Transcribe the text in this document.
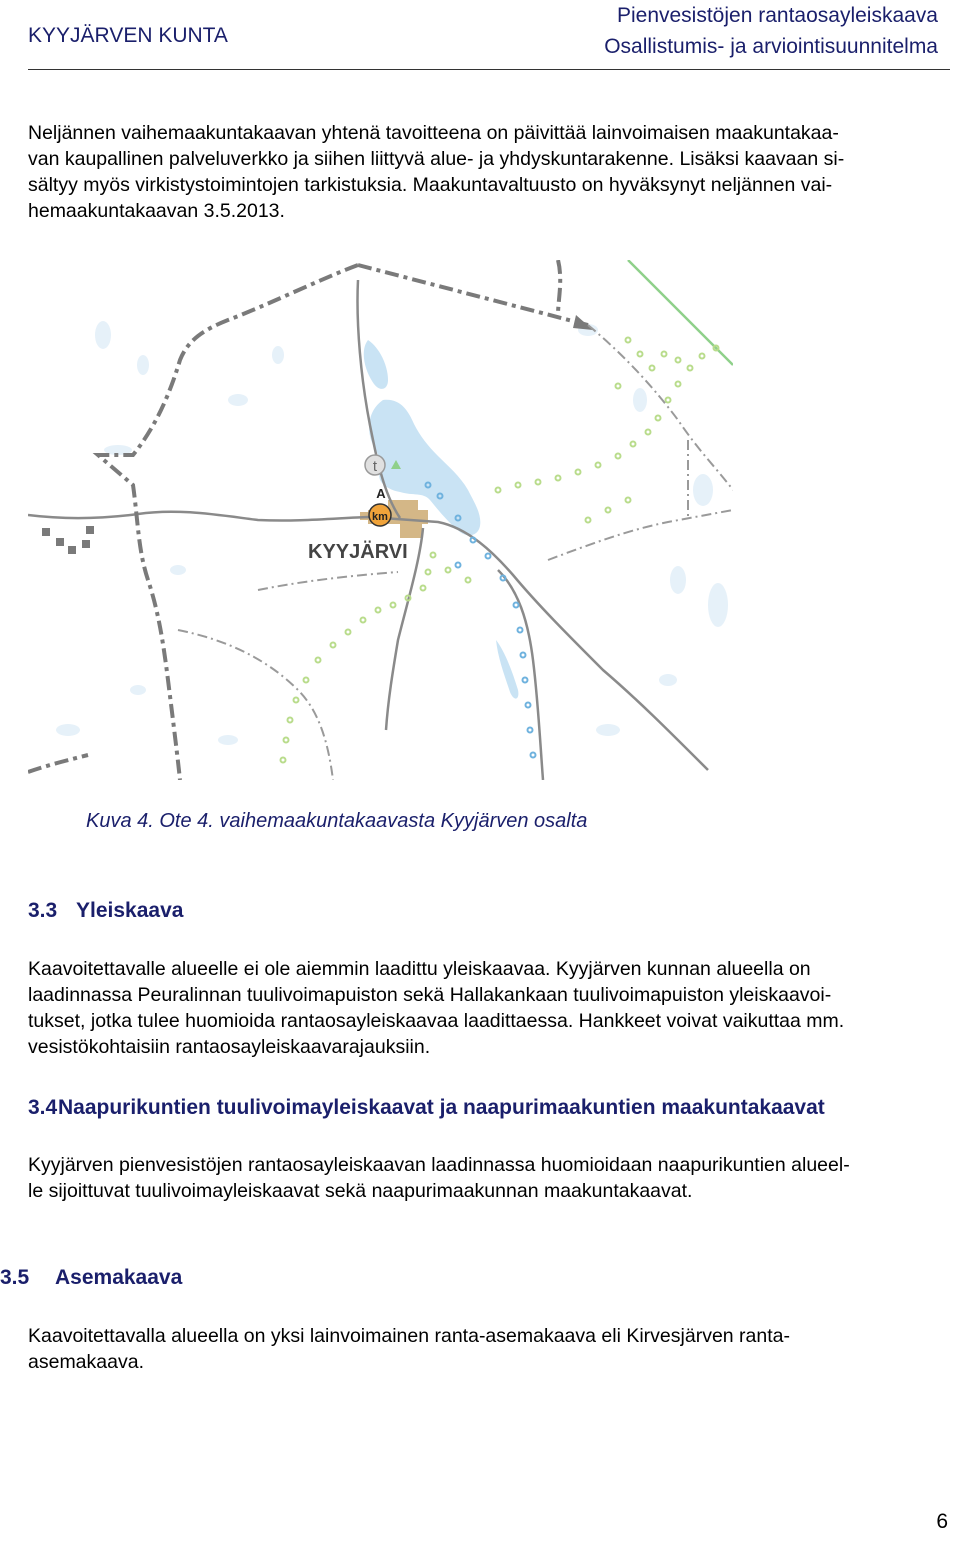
KYYJÄRVEN KUNTA
Pienvesistöjen rantaosayleiskaava
Osallistumis- ja arviointisuunnitelma

Neljännen vaihemaakuntakaavan yhtenä tavoitteena on päivittää lainvoimaisen maakuntakaa-
van kaupallinen palveluverkko ja siihen liittyvä alue- ja yhdyskuntarakenne. Lisäksi kaavaan si-
sältyy myös virkistystoimintojen tarkistuksia. Maakuntavaltuusto on hyväksynyt neljännen vai-
hemaakuntakaavan 3.5.2013.

t
A
km
KYYJÄRVI
Kuva 4. Ote 4. vaihemaakuntakaavasta Kyyjärven osalta
3.3 Yleiskaava

Kaavoitettavalle alueelle ei ole aiemmin laadittu yleiskaavaa. Kyyjärven kunnan alueella on
laadinnassa Peuralinnan tuulivoimapuiston sekä Hallakankaan tuulivoimapuiston yleiskaavoi-
tukset, jotka tulee huomioida rantaosayleiskaavaa laadittaessa. Hankkeet voivat vaikuttaa mm.
vesistökohtaisiin rantaosayleiskaavarajauksiin.

3.4Naapurikuntien tuulivoimayleiskaavat ja naapurimaakuntien maakuntakaavat

Kyyjärven pienvesistöjen rantaosayleiskaavan laadinnassa huomioidaan naapurikuntien alueel-
le sijoittuvat tuulivoimayleiskaavat sekä naapurimaakunnan maakuntakaavat.

3.5 Asemakaava

Kaavoitettavalla alueella on yksi lainvoimainen ranta-asemakaava eli Kirvesjärven ranta-
asemakaava.

6
